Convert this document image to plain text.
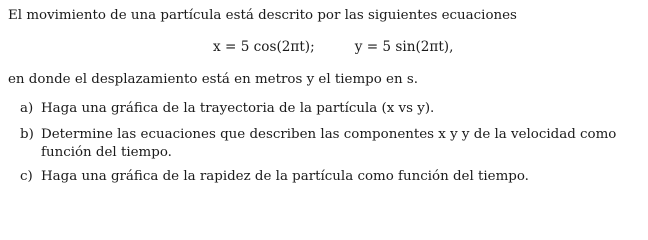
El movimiento de una partícula está descrito por las siguientes ecuaciones
x = 5 cos(2πt);	y = 5 sin(2πt),
en donde el desplazamiento está en metros y el tiempo en s.
a) Haga una gráfica de la trayectoria de la partícula (x vs y).
b) Determine las ecuaciones que describen las componentes x y y de la velocidad como función del tiempo.
c) Haga una gráfica de la rapidez de la partícula como función del tiempo.
